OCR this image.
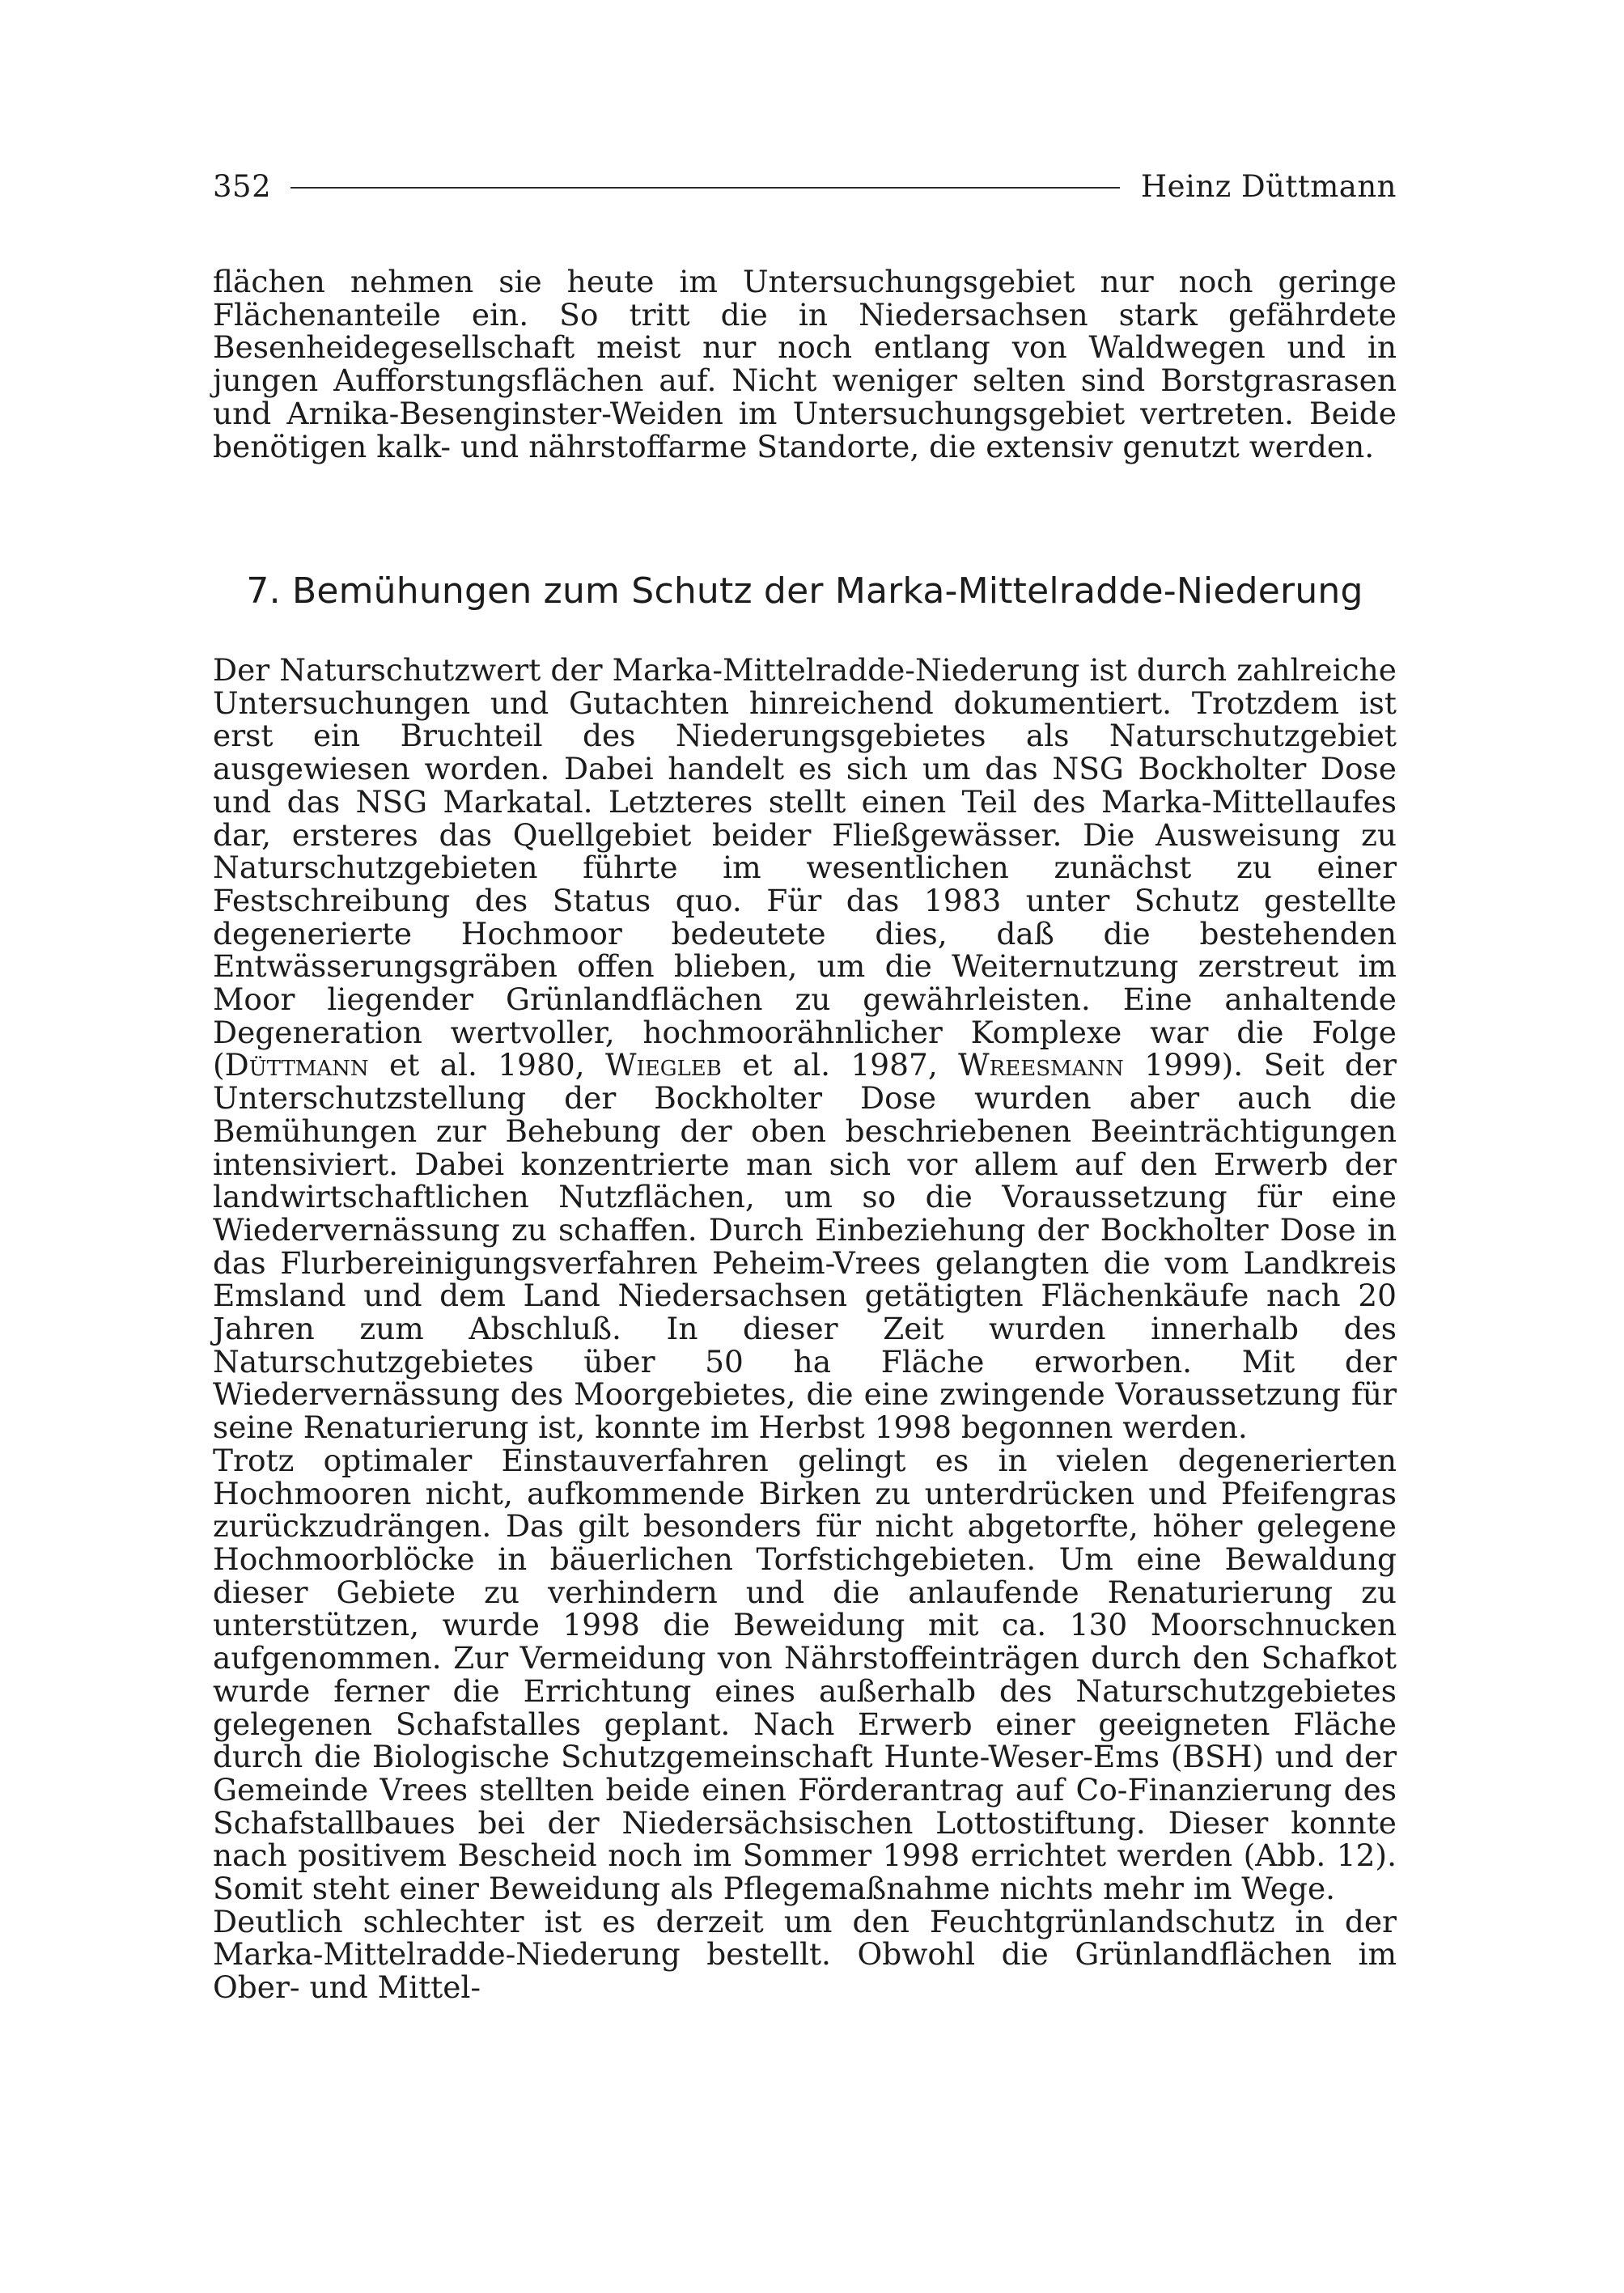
352	Heinz Düttmann

flächen nehmen sie heute im Untersuchungsgebiet nur noch geringe Flächenanteile ein. So tritt die in Niedersachsen stark gefährdete Besenheidegesellschaft meist nur noch entlang von Waldwegen und in jungen Aufforstungsflächen auf. Nicht weniger selten sind Borstgrasrasen und Arnika-Besenginster-Weiden im Untersuchungsgebiet vertreten. Beide benötigen kalk- und nährstoffarme Standorte, die extensiv genutzt werden.

7. Bemühungen zum Schutz der Marka-Mittelradde-Niederung

Der Naturschutzwert der Marka-Mittelradde-Niederung ist durch zahlreiche Untersuchungen und Gutachten hinreichend dokumentiert. Trotzdem ist erst ein Bruchteil des Niederungsgebietes als Naturschutzgebiet ausgewiesen worden. Dabei handelt es sich um das NSG Bockholter Dose und das NSG Markatal. Letzteres stellt einen Teil des Marka-Mittellaufes dar, ersteres das Quellgebiet beider Fließgewässer. Die Ausweisung zu Naturschutzgebieten führte im wesentlichen zunächst zu einer Festschreibung des Status quo. Für das 1983 unter Schutz gestellte degenerierte Hochmoor bedeutete dies, daß die bestehenden Entwässerungsgräben offen blieben, um die Weiternutzung zerstreut im Moor liegender Grünlandflächen zu gewährleisten. Eine anhaltende Degeneration wertvoller, hochmoorähnlicher Komplexe war die Folge (Düttmann et al. 1980, Wiegleb et al. 1987, Wreesmann 1999). Seit der Unterschutzstellung der Bockholter Dose wurden aber auch die Bemühungen zur Behebung der oben beschriebenen Beeinträchtigungen intensiviert. Dabei konzentrierte man sich vor allem auf den Erwerb der landwirtschaftlichen Nutzflächen, um so die Voraussetzung für eine Wiedervernässung zu schaffen. Durch Einbeziehung der Bockholter Dose in das Flurbereinigungsverfahren Peheim-Vrees gelangten die vom Landkreis Emsland und dem Land Niedersachsen getätigten Flächenkäufe nach 20 Jahren zum Abschluß. In dieser Zeit wurden innerhalb des Naturschutzgebietes über 50 ha Fläche erworben. Mit der Wiedervernässung des Moorgebietes, die eine zwingende Voraussetzung für seine Renaturierung ist, konnte im Herbst 1998 begonnen werden.

Trotz optimaler Einstauverfahren gelingt es in vielen degenerierten Hochmooren nicht, aufkommende Birken zu unterdrücken und Pfeifengras zurückzudrängen. Das gilt besonders für nicht abgetorfte, höher gelegene Hochmoorblöcke in bäuerlichen Torfstichgebieten. Um eine Bewaldung dieser Gebiete zu verhindern und die anlaufende Renaturierung zu unterstützen, wurde 1998 die Beweidung mit ca. 130 Moorschnucken aufgenommen. Zur Vermeidung von Nährstoffeinträgen durch den Schafkot wurde ferner die Errichtung eines außerhalb des Naturschutzgebietes gelegenen Schafstalles geplant. Nach Erwerb einer geeigneten Fläche durch die Biologische Schutzgemeinschaft Hunte-Weser-Ems (BSH) und der Gemeinde Vrees stellten beide einen Förderantrag auf Co-Finanzierung des Schafstallbaues bei der Niedersächsischen Lottostiftung. Dieser konnte nach positivem Bescheid noch im Sommer 1998 errichtet werden (Abb. 12). Somit steht einer Beweidung als Pflegemaßnahme nichts mehr im Wege.

Deutlich schlechter ist es derzeit um den Feuchtgrünlandschutz in der Marka-Mittelradde-Niederung bestellt. Obwohl die Grünlandflächen im Ober- und Mittel-
